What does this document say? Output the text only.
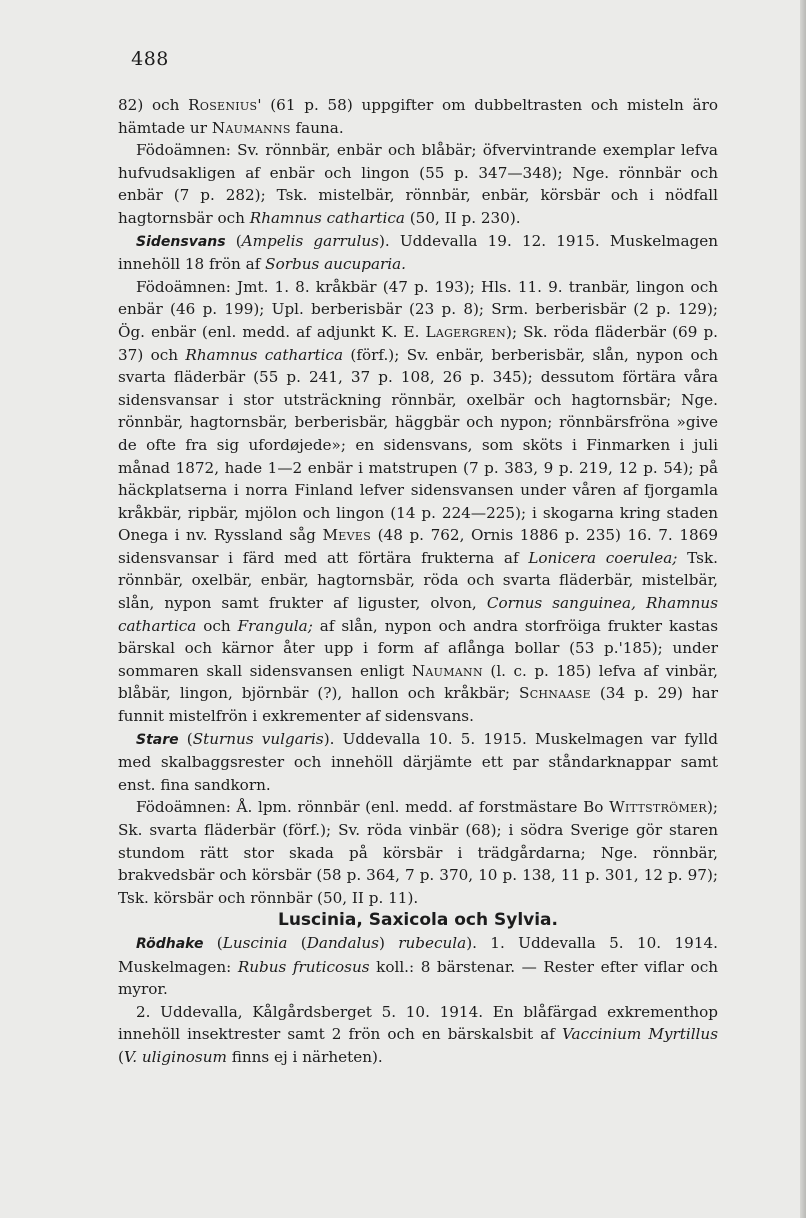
488

82) och Rosenius' (61 p. 58) uppgifter om dubbeltrasten och misteln äro hämtade ur Naumanns fauna.

Födoämnen: Sv. rönnbär, enbär och blåbär; öfvervintrande exemplar lefva hufvudsakligen af enbär och lingon (55 p. 347—348); Nge. rönnbär och enbär (7 p. 282); Tsk. mistelbär, rönnbär, enbär, körsbär och i nödfall hagtornsbär och Rhamnus cathartica (50, II p. 230).

Sidensvans (Ampelis garrulus). Uddevalla 19. 12. 1915. Muskelmagen innehöll 18 frön af Sorbus aucuparia.

Födoämnen: Jmt. 1. 8. kråkbär (47 p. 193); Hls. 11. 9. tranbär, lingon och enbär (46 p. 199); Upl. berberisbär (23 p. 8); Srm. berberisbär (2 p. 129); Ög. enbär (enl. medd. af adjunkt K. E. Lagergren); Sk. röda fläderbär (69 p. 37) och Rhamnus cathartica (förf.); Sv. enbär, berberisbär, slån, nypon och svarta fläderbär (55 p. 241, 37 p. 108, 26 p. 345); dessutom förtära våra sidensvansar i stor utsträckning rönnbär, oxelbär och hagtornsbär; Nge. rönnbär, hagtornsbär, berberisbär, häggbär och nypon; rönnbärsfröna »give de ofte fra sig ufordøjede»; en sidensvans, som sköts i Finmarken i juli månad 1872, hade 1—2 enbär i matstrupen (7 p. 383, 9 p. 219, 12 p. 54); på häckplatserna i norra Finland lefver sidensvansen under våren af fjorgamla kråkbär, ripbär, mjölon och lingon (14 p. 224—225); i skogarna kring staden Onega i nv. Ryssland såg Meves (48 p. 762, Ornis 1886 p. 235) 16. 7. 1869 sidensvansar i färd med att förtära frukterna af Lonicera coerulea; Tsk. rönnbär, oxelbär, enbär, hagtornsbär, röda och svarta fläderbär, mistelbär, slån, nypon samt frukter af liguster, olvon, Cornus sanguinea, Rhamnus cathartica och Frangula; af slån, nypon och andra storfröiga frukter kastas bärskal och kärnor åter upp i form af aflånga bollar (53 p.'185); under sommaren skall sidensvansen enligt Naumann (l. c. p. 185) lefva af vinbär, blåbär, lingon, björnbär (?), hallon och kråkbär; Schnaase (34 p. 29) har funnit mistelfrön i exkrementer af sidensvans.

Stare (Sturnus vulgaris). Uddevalla 10. 5. 1915. Muskelmagen var fylld med skalbaggsrester och innehöll därjämte ett par ståndarknappar samt enst. fina sandkorn.

Födoämnen: Å. lpm. rönnbär (enl. medd. af forstmästare Bo Wittströmer); Sk. svarta fläderbär (förf.); Sv. röda vinbär (68); i södra Sverige gör staren stundom rätt stor skada på körsbär i trädgårdarna; Nge. rönnbär, brakvedsbär och körsbär (58 p. 364, 7 p. 370, 10 p. 138, 11 p. 301, 12 p. 97); Tsk. körsbär och rönnbär (50, II p. 11).

Luscinia, Saxicola och Sylvia.

Rödhake (Luscinia (Dandalus) rubecula). 1. Uddevalla 5. 10. 1914. Muskelmagen: Rubus fruticosus koll.: 8 bärstenar. — Rester efter viflar och myror.

2. Uddevalla, Kålgårdsberget 5. 10. 1914. En blåfärgad exkrementhop innehöll insektrester samt 2 frön och en bärskalsbit af Vaccinium Myrtillus (V. uliginosum finns ej i närheten).
